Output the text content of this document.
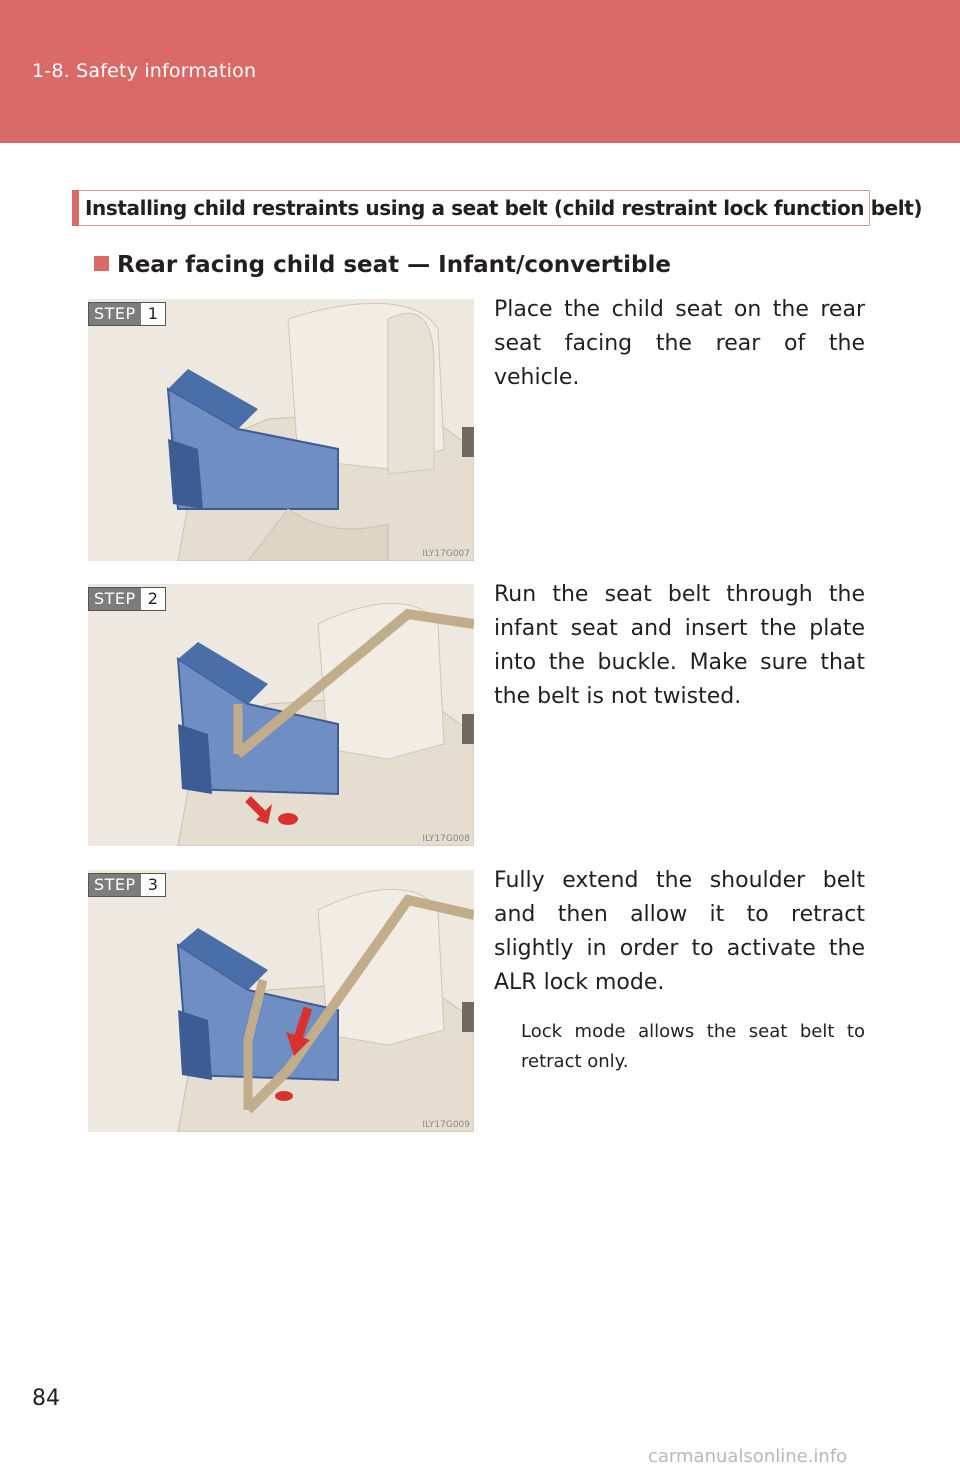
1-8. Safety information
Installing child restraints using a seat belt (child restraint lock function belt)
Rear facing child seat — Infant/convertible
STEP 1
ILY17G007
Place the child seat on the rear seat facing the rear of the vehicle.
STEP 2
ILY17G008
Run the seat belt through the infant seat and insert the plate into the buckle. Make sure that the belt is not twisted.
STEP 3
ILY17G009
Fully extend the shoulder belt and then allow it to retract slightly in order to activate the ALR lock mode.
Lock mode allows the seat belt to retract only.
84
carmanualsonline.info
